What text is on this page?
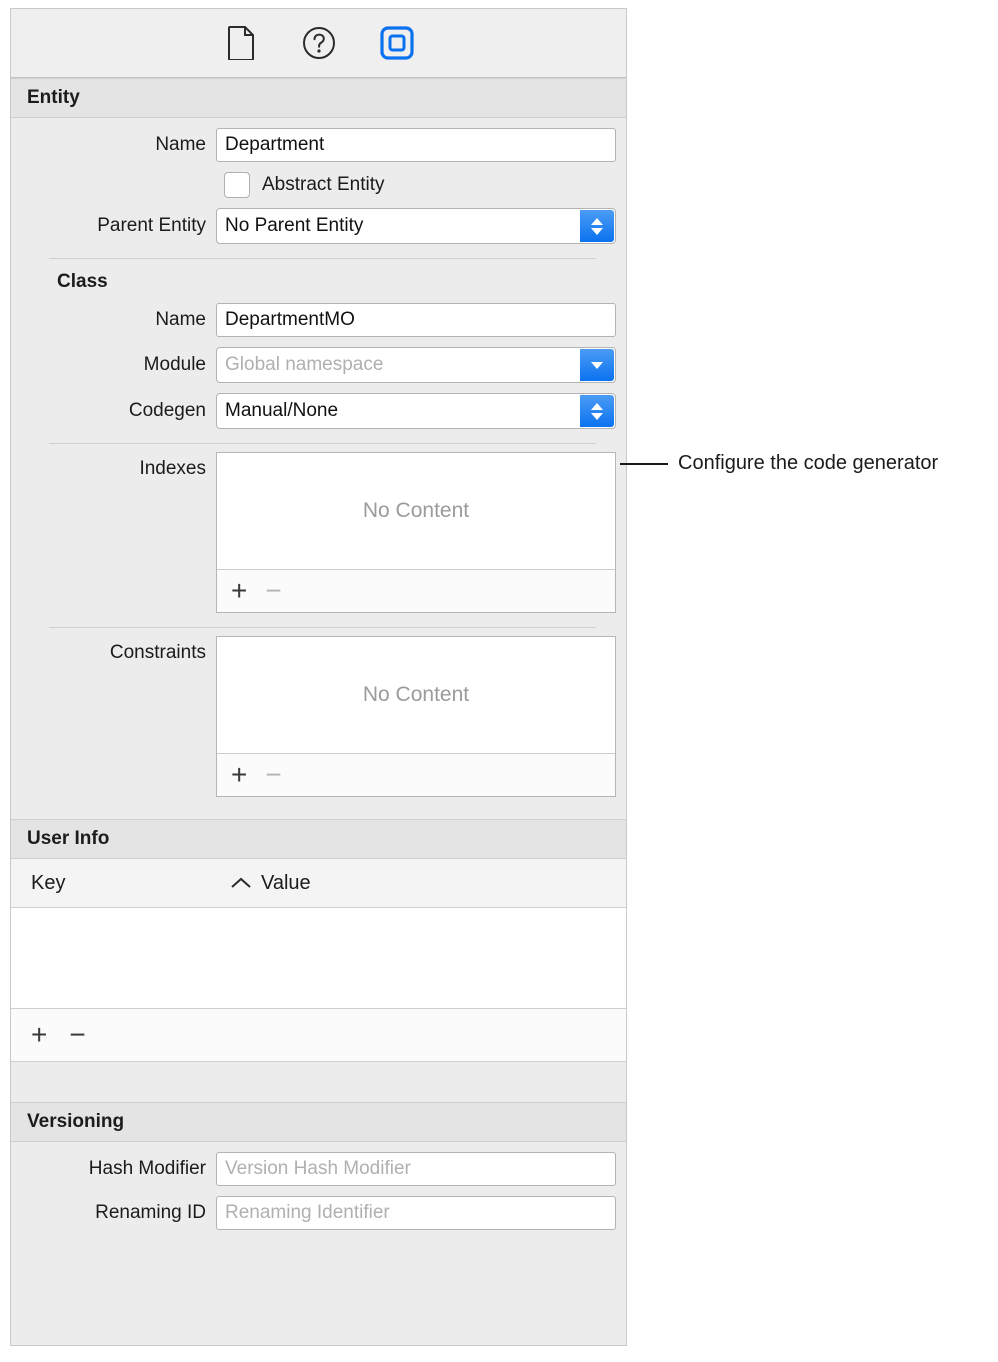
Entity
Name	Department
Abstract Entity
Parent Entity	No Parent Entity
Class
Name	DepartmentMO
Module	Global namespace
Codegen	Manual/None
Indexes
No Content
+ −
Constraints
No Content
+ −
User Info
Key	Value
+ −
Versioning
Hash Modifier	Version Hash Modifier
Renaming ID	Renaming Identifier
Configure the code generator
